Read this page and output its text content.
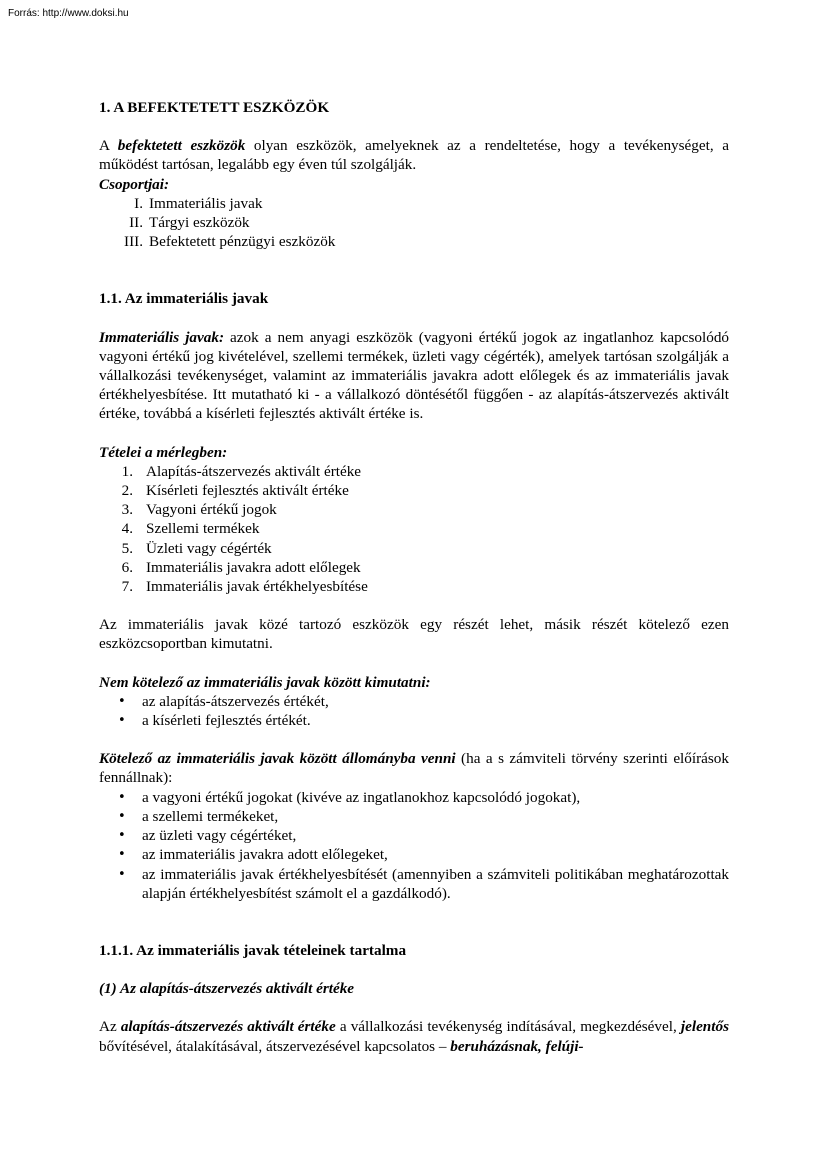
Forrás: http://www.doksi.hu

1. A BEFEKTETETT ESZKÖZÖK

A befektetett eszközök olyan eszközök, amelyeknek az a rendeltetése, hogy a tevékenységet, a működést tartósan, legalább egy éven túl szolgálják.

Csoportjai:

I. Immateriális javak
II. Tárgyi eszközök
III. Befektetett pénzügyi eszközök

1.1. Az immateriális javak

Immateriális javak: azok a nem anyagi eszközök (vagyoni értékű jogok az ingatlanhoz kapcsolódó vagyoni értékű jog kivételével, szellemi termékek, üzleti vagy cégérték), amelyek tartósan szolgálják a vállalkozási tevékenységet, valamint az immateriális javakra adott előlegek és az immateriális javak értékhelyesbítése. Itt mutatható ki - a vállalkozó döntésétől függően - az alapítás-átszervezés aktivált értéke, továbbá a kísérleti fejlesztés aktivált értéke is.

Tételei a mérlegben:

1. Alapítás-átszervezés aktivált értéke
2. Kísérleti fejlesztés aktivált értéke
3. Vagyoni értékű jogok
4. Szellemi termékek
5. Üzleti vagy cégérték
6. Immateriális javakra adott előlegek
7. Immateriális javak értékhelyesbítése

Az immateriális javak közé tartozó eszközök egy részét lehet, másik részét kötelező ezen eszközcsoportban kimutatni.

Nem kötelező az immateriális javak között kimutatni:

• az alapítás-átszervezés értékét,
• a kísérleti fejlesztés értékét.

Kötelező az immateriális javak között állományba venni (ha a s zámviteli törvény szerinti előírások fennállnak):

• a vagyoni értékű jogokat (kivéve az ingatlanokhoz kapcsolódó jogokat),
• a szellemi termékeket,
• az üzleti vagy cégértéket,
• az immateriális javakra adott előlegeket,
• az immateriális javak értékhelyesbítését (amennyiben a számviteli politikában meghatározottak alapján értékhelyesbítést számolt el a gazdálkodó).

1.1.1. Az immateriális javak tételeinek tartalma

(1) Az alapítás-átszervezés aktivált értéke

Az alapítás-átszervezés aktivált értéke a vállalkozási tevékenység indításával, megkezdésével, jelentős bővítésével, átalakításával, átszervezésével kapcsolatos – beruházásnak, felúji-
